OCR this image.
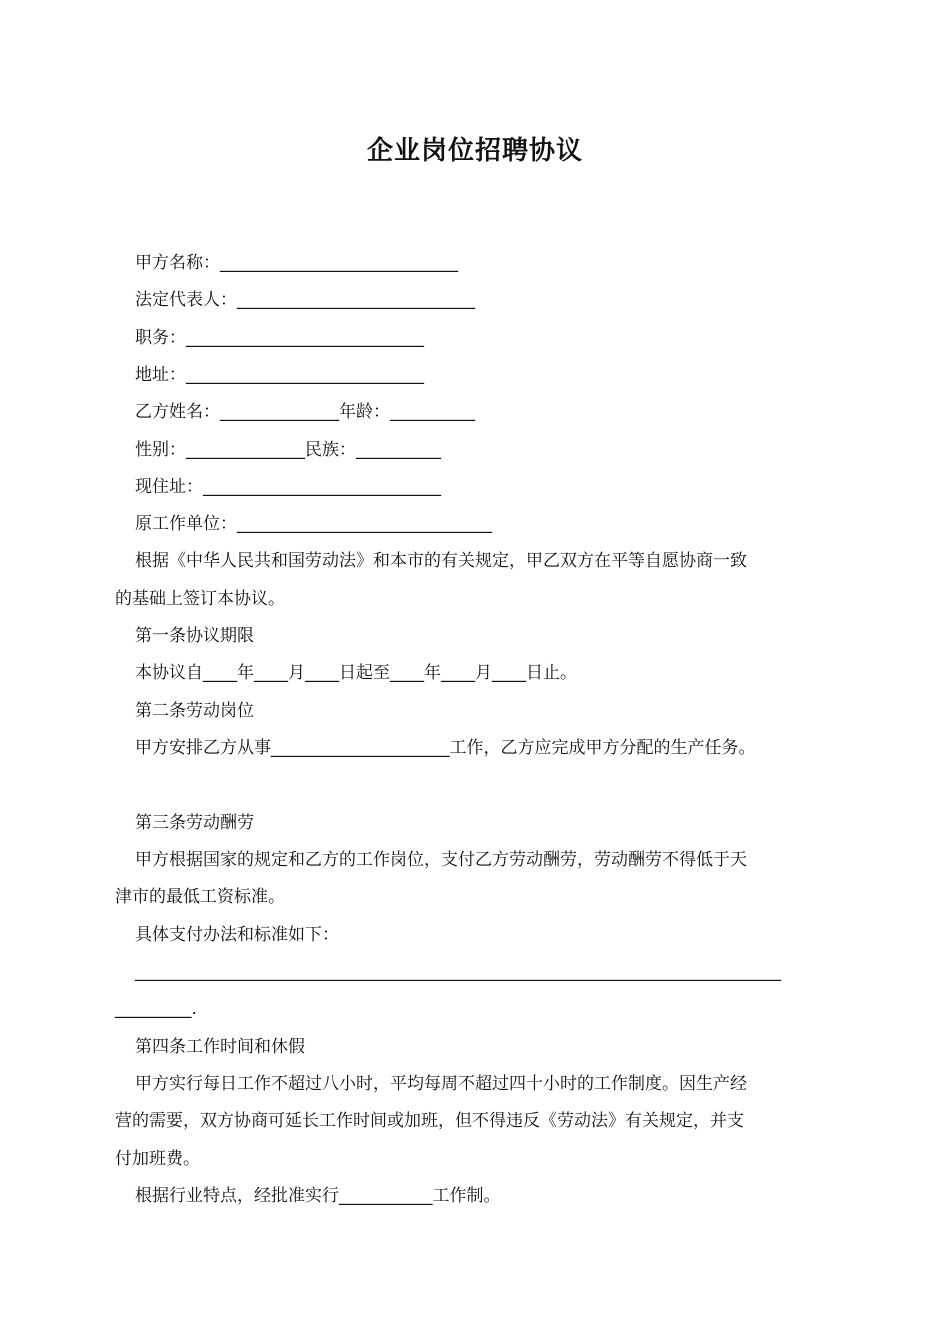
企业岗位招聘协议
甲方名称：____________________________
法定代表人：____________________________
职务：____________________________
地址：____________________________
乙方姓名：______________年龄：__________
性别：______________民族：__________
现住址：____________________________
原工作单位：______________________________
根据《中华人民共和国劳动法》和本市的有关规定，甲乙双方在平等自愿协商一致
的基础上签订本协议。
第一条协议期限
本协议自____年____月____日起至____年____月____日止。
第二条劳动岗位
甲方安排乙方从事_____________________工作，乙方应完成甲方分配的生产任务。
第三条劳动酬劳
甲方根据国家的规定和乙方的工作岗位，支付乙方劳动酬劳，劳动酬劳不得低于天
津市的最低工资标准。
具体支付办法和标准如下：
____________________________________________________________________________
_________.
第四条工作时间和休假
甲方实行每日工作不超过八小时，平均每周不超过四十小时的工作制度。因生产经
营的需要，双方协商可延长工作时间或加班，但不得违反《劳动法》有关规定，并支
付加班费。
根据行业特点，经批准实行___________工作制。
